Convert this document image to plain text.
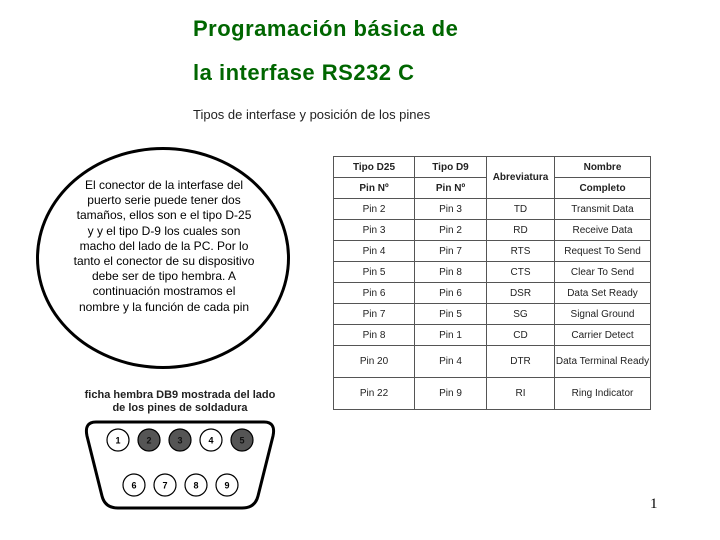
Programación básica de
la interfase RS232 C
Tipos de interfase y posición de los pines
El conector de la interfase del puerto serie puede tener dos tamaños, ellos son e el tipo D-25 y y el tipo D-9 los cuales son macho del lado de la PC. Por lo tanto el conector de su dispositivo debe ser de tipo hembra. A continuación mostramos el nombre y la función de cada pin
Tipo D25	Tipo D9	Abreviatura	Nombre
Pin Nº	Pin Nº		Completo
Pin 2	Pin 3	TD	Transmit Data
Pin 3	Pin 2	RD	Receive Data
Pin 4	Pin 7	RTS	Request To Send
Pin 5	Pin 8	CTS	Clear To Send
Pin 6	Pin 6	DSR	Data Set Ready
Pin 7	Pin 5	SG	Signal Ground
Pin 8	Pin 1	CD	Carrier Detect
Pin 20	Pin 4	DTR	Data Terminal Ready
Pin 22	Pin 9	RI	Ring Indicator
ficha hembra DB9 mostrada del lado de los pines de soldadura
1	2	3	4	5
6	7	8	9
1
